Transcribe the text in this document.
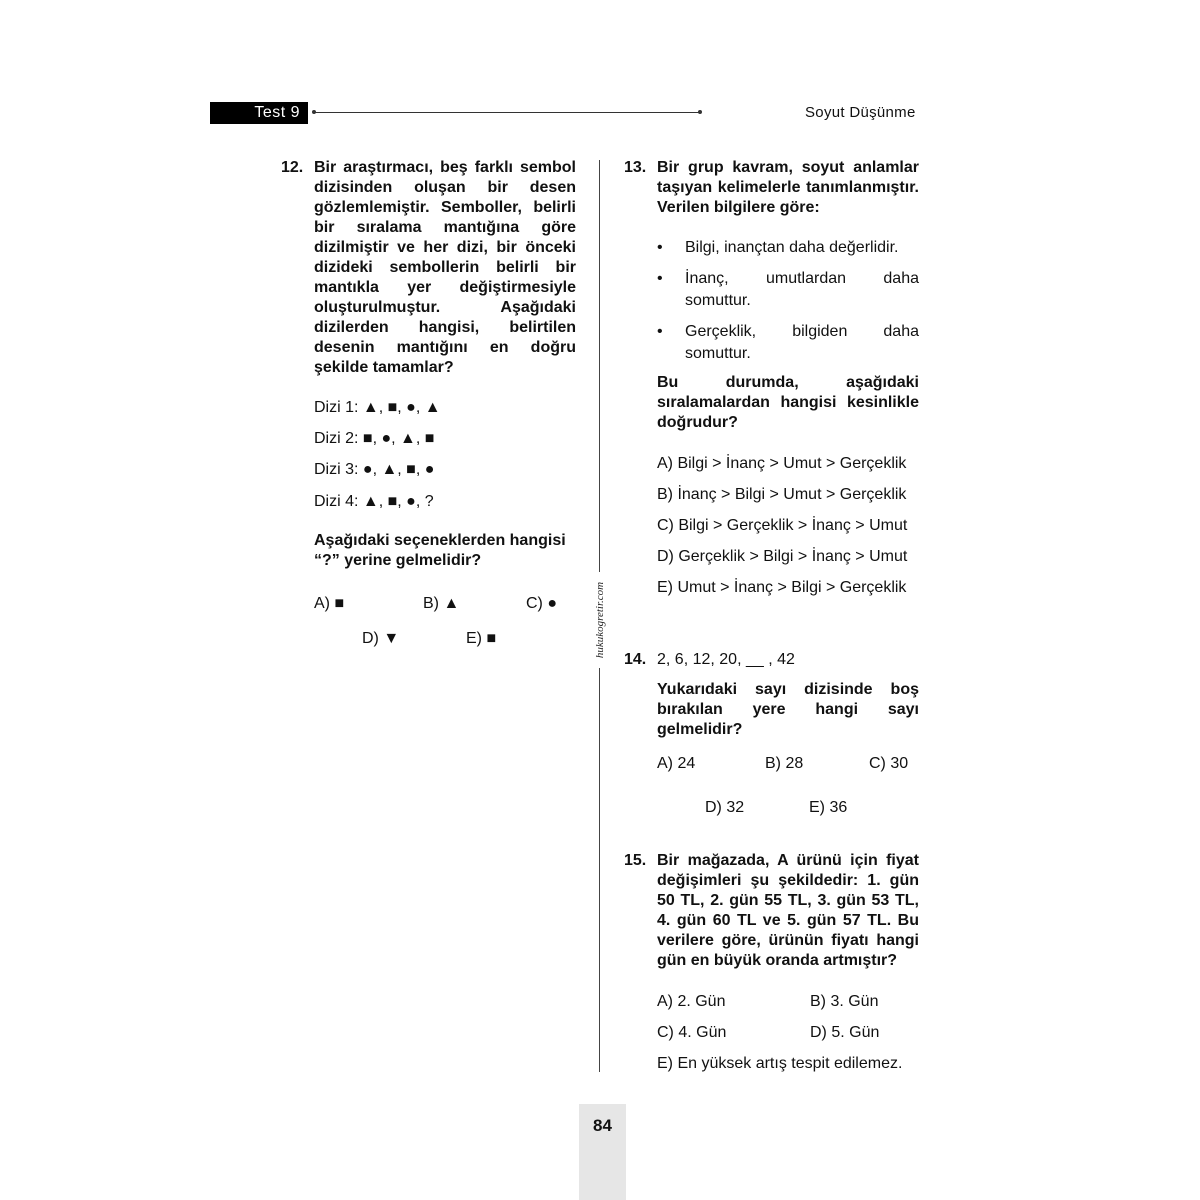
Test 9	Soyut Düşünme
hukukogretir.com
12. Bir araştırmacı, beş farklı sembol dizisinden oluşan bir desen gözlemlemiştir. Semboller, belirli bir sıralama mantığına göre dizilmiştir ve her dizi, bir önceki dizideki sembollerin belirli bir mantıkla yer değiştirmesiyle oluşturulmuştur. Aşağıdaki dizilerden hangisi, belirtilen desenin mantığını en doğru şekilde tamamlar?
Dizi 1: ▲, ■, ●, ▲
Dizi 2: ■, ●, ▲, ■
Dizi 3: ●, ▲, ■, ●
Dizi 4: ▲, ■, ●, ?
Aşağıdaki seçeneklerden hangisi “?” yerine gelmelidir?
A) ■	B) ▲	C) ●
D) ▼	E) ■
13. Bir grup kavram, soyut anlamlar taşıyan kelimelerle tanımlanmıştır. Verilen bilgilere göre:
• Bilgi, inançtan daha değerlidir.
• İnanç, umutlardan daha somuttur.
• Gerçeklik, bilgiden daha somuttur.
Bu durumda, aşağıdaki sıralamalardan hangisi kesinlikle doğrudur?
A) Bilgi > İnanç > Umut > Gerçeklik
B) İnanç > Bilgi > Umut > Gerçeklik
C) Bilgi > Gerçeklik > İnanç > Umut
D) Gerçeklik > Bilgi > İnanç > Umut
E) Umut > İnanç > Bilgi > Gerçeklik
14. 2, 6, 12, 20, __ , 42
Yukarıdaki sayı dizisinde boş bırakılan yere hangi sayı gelmelidir?
A) 24	B) 28	C) 30
D) 32	E) 36
15. Bir mağazada, A ürünü için fiyat değişimleri şu şekildedir: 1. gün 50 TL, 2. gün 55 TL, 3. gün 53 TL, 4. gün 60 TL ve 5. gün 57 TL. Bu verilere göre, ürünün fiyatı hangi gün en büyük oranda artmıştır?
A) 2. Gün	B) 3. Gün
C) 4. Gün	D) 5. Gün
E) En yüksek artış tespit edilemez.
84
